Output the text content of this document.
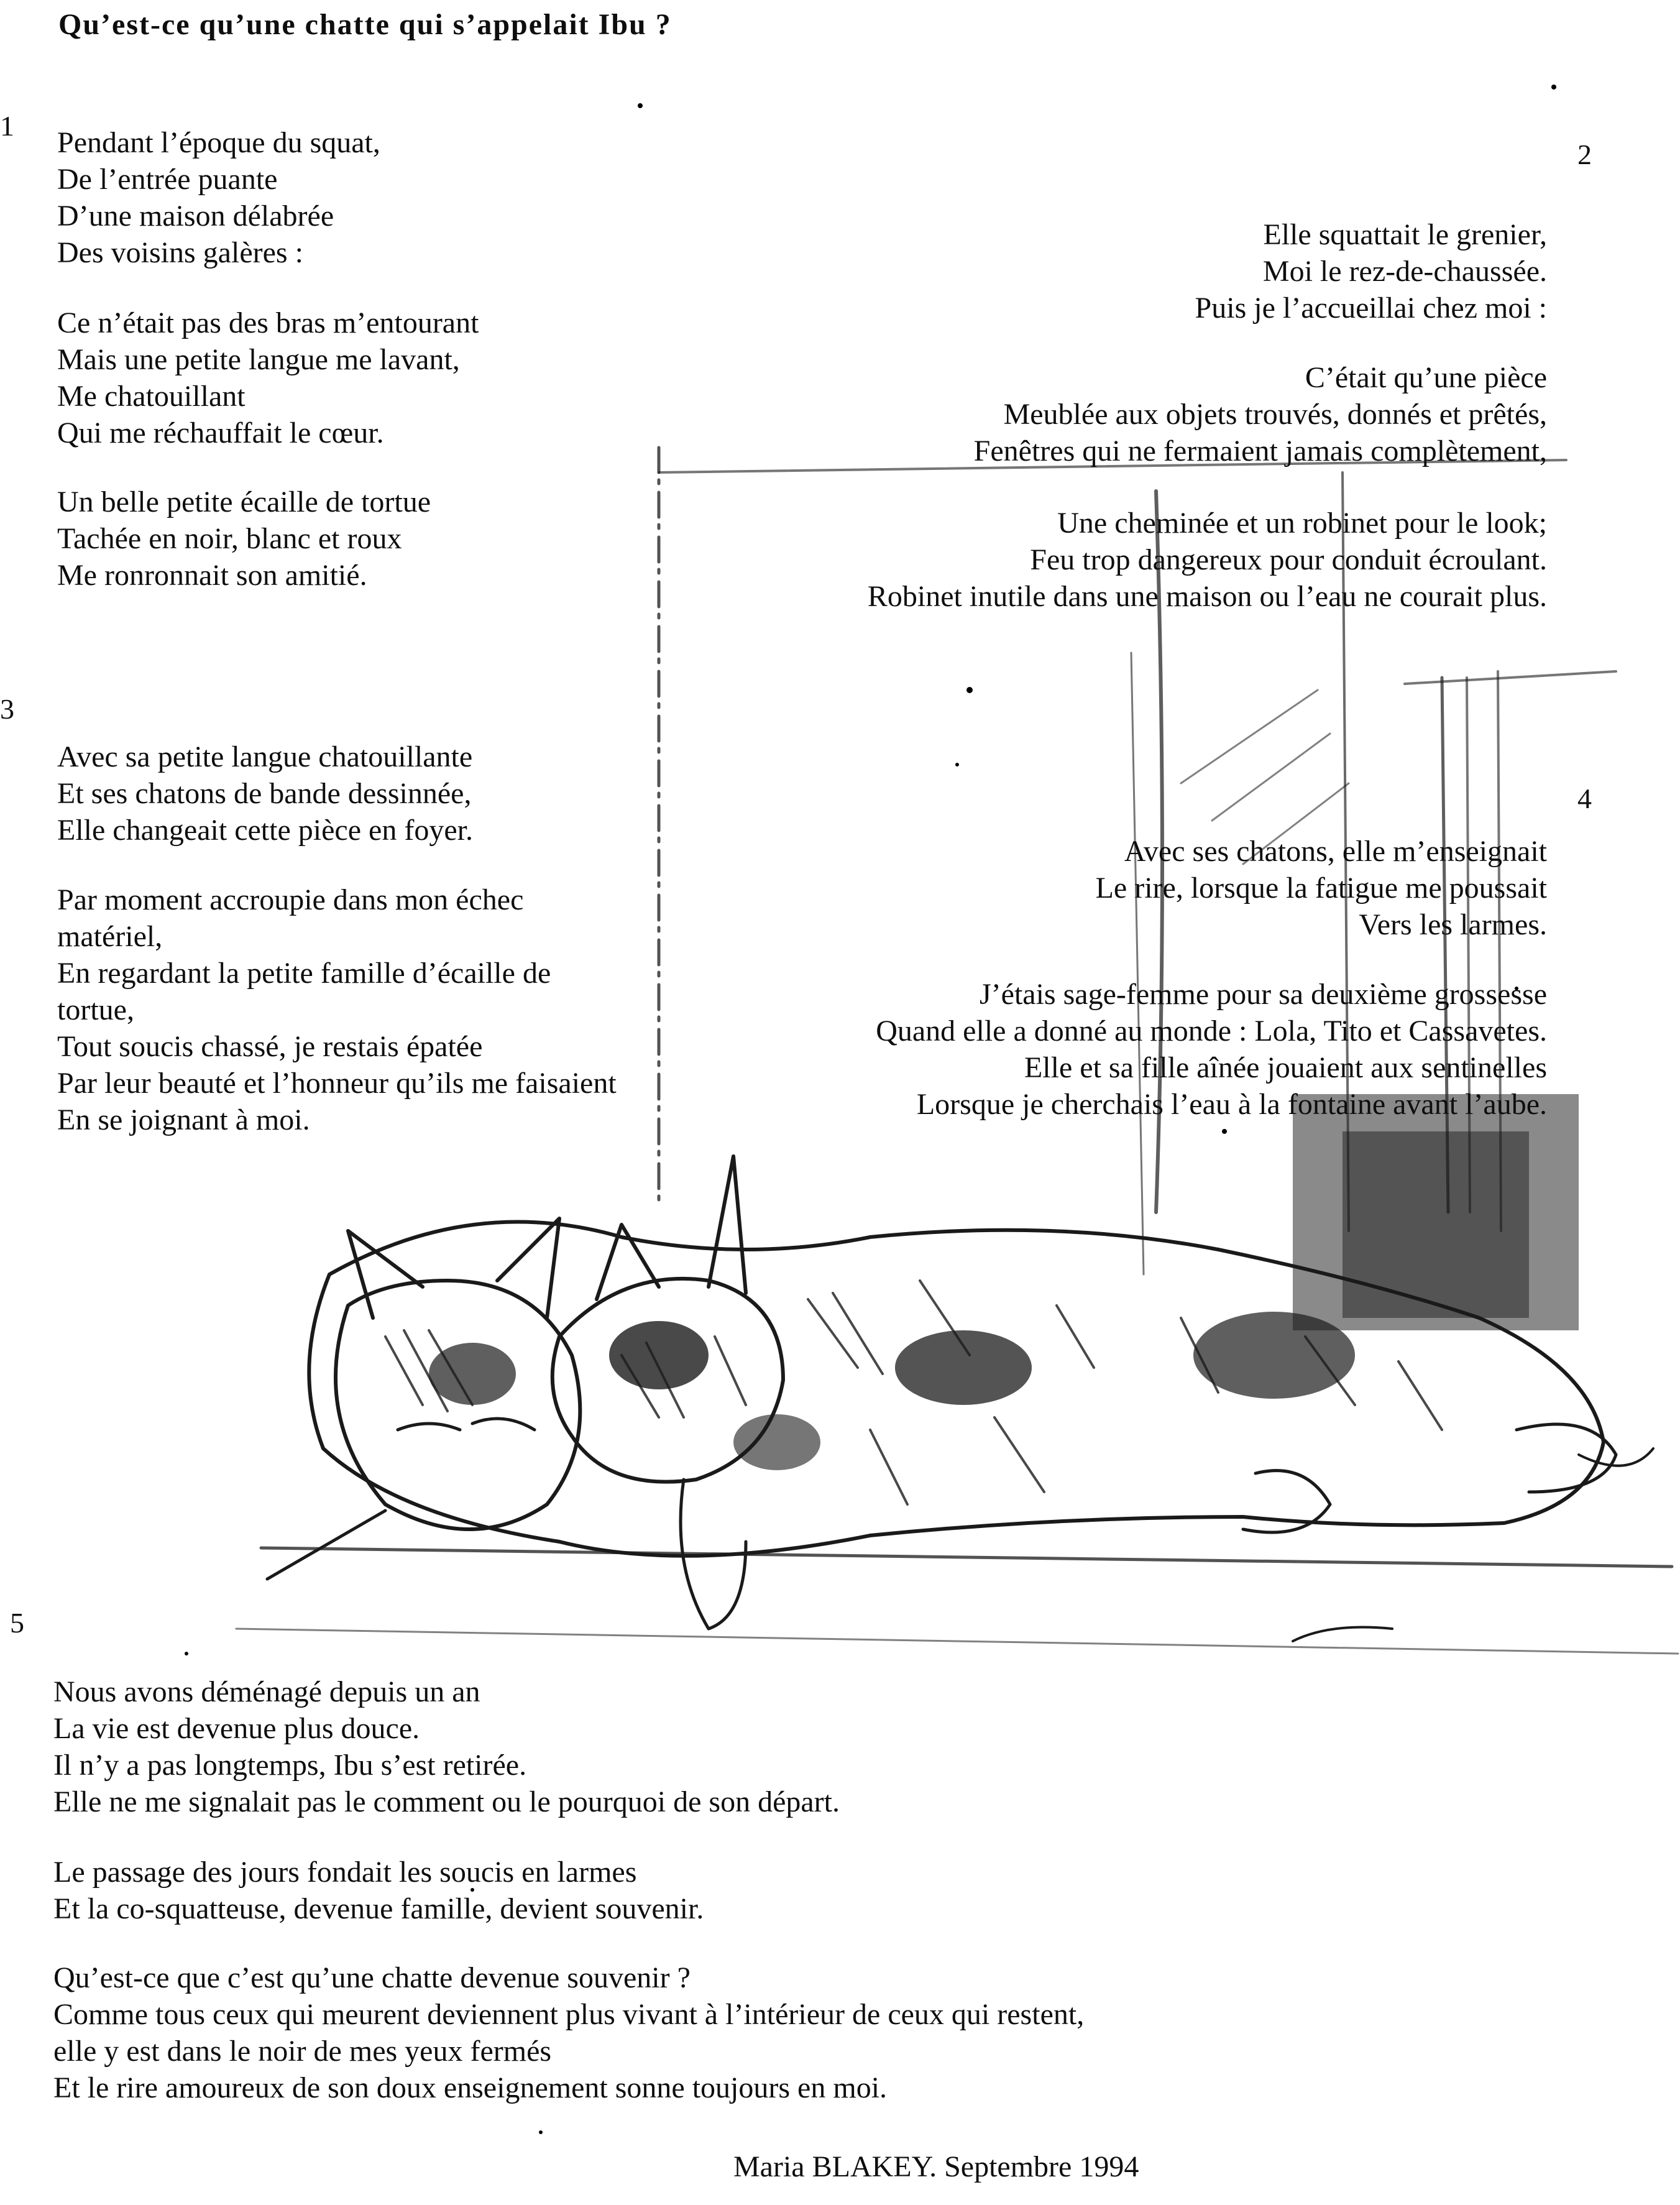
Qu’est-ce qu’une chatte qui s’appelait Ibu ?
1
2
3
4
5
Pendant l’époque du squat,
De l’entrée puante
D’une maison délabrée
Des voisins galères :
Ce n’était pas des bras m’entourant
Mais une petite langue me lavant,
Me chatouillant
Qui me réchauffait le cœur.
Un belle petite écaille de tortue
Tachée en noir, blanc et roux
Me ronronnait son amitié.
Elle squattait le grenier,
Moi le rez-de-chaussée.
Puis je l’accueillai chez moi :
C’était qu’une pièce
Meublée aux objets trouvés, donnés et prêtés,
Fenêtres qui ne fermaient jamais complètement,
Une cheminée et un robinet pour le look;
Feu trop dangereux pour conduit écroulant.
Robinet inutile dans une maison ou l’eau ne courait plus.
Avec sa petite langue chatouillante
Et ses chatons de bande dessinnée,
Elle changeait cette pièce en foyer.
Par moment accroupie dans mon échec
matériel,
En regardant la petite famille d’écaille de
tortue,
Tout soucis chassé, je restais épatée
Par leur beauté et l’honneur qu’ils me faisaient
En se joignant à moi.
Avec ses chatons, elle m’enseignait
Le rire, lorsque la fatigue me poussait
Vers les larmes.
J’étais sage-femme pour sa deuxième grossesse
Quand elle a donné au monde : Lola, Tito et Cassavetes.
Elle et sa fille aînée jouaient aux sentinelles
Lorsque je cherchais l’eau à la fontaine avant l’aube.
Nous avons déménagé depuis un an
La vie est devenue plus douce.
Il n’y a pas longtemps, Ibu s’est retirée.
Elle ne me signalait pas le comment ou le pourquoi de son départ.
Le passage des jours fondait les soucis en larmes
Et la co-squatteuse, devenue famille, devient souvenir.
Qu’est-ce que c’est qu’une chatte devenue souvenir ?
Comme tous ceux qui meurent deviennent plus vivant à l’intérieur de ceux qui restent,
elle y est dans le noir de mes yeux fermés
Et le rire amoureux de son doux enseignement sonne toujours en moi.
Maria BLAKEY. Septembre 1994
